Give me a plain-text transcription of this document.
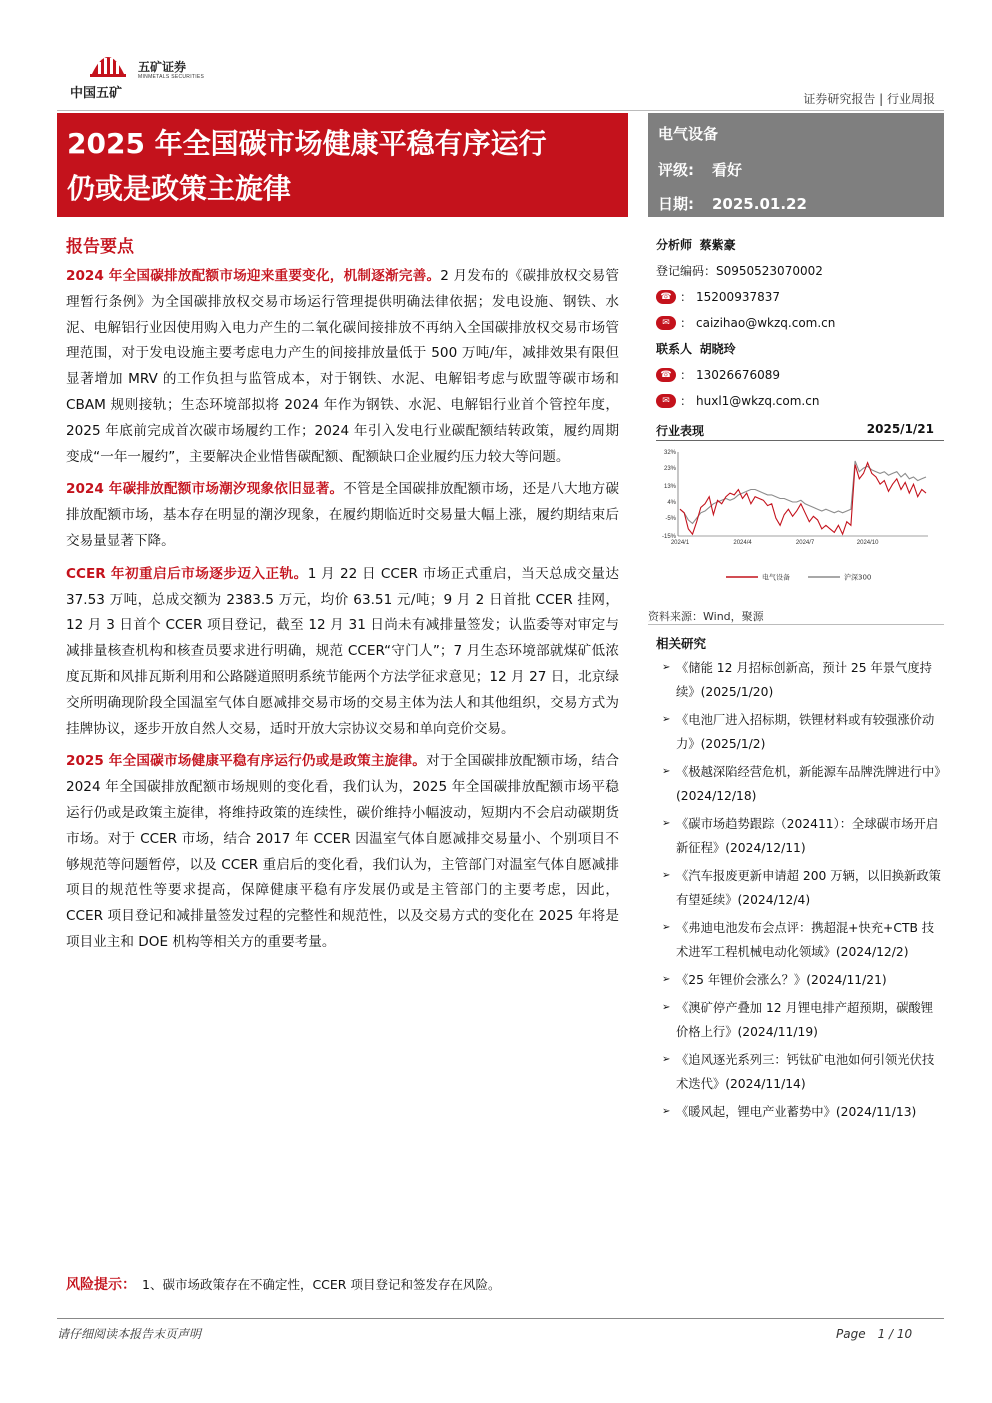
中国五矿
五矿证券
MINMETALS SECURITIES
证券研究报告 | 行业周报
2025 年全国碳市场健康平稳有序运行
仍或是政策主旋律
电气设备
评级: 看好
日期: 2025.01.22
报告要点

2024 年全国碳排放配额市场迎来重要变化，机制逐渐完善。2 月发布的《碳排放权交易管理暂行条例》为全国碳排放权交易市场运行管理提供明确法律依据；发电设施、钢铁、水泥、电解铝行业因使用购入电力产生的二氧化碳间接排放不再纳入全国碳排放权交易市场管理范围，对于发电设施主要考虑电力产生的间接排放量低于 500 万吨/年，减排效果有限但显著增加 MRV 的工作负担与监管成本，对于钢铁、水泥、电解铝考虑与欧盟等碳市场和 CBAM 规则接轨；生态环境部拟将 2024 年作为钢铁、水泥、电解铝行业首个管控年度，2025 年底前完成首次碳市场履约工作；2024 年引入发电行业碳配额结转政策，履约周期变成“一年一履约”，主要解决企业惜售碳配额、配额缺口企业履约压力较大等问题。

2024 年碳排放配额市场潮汐现象依旧显著。不管是全国碳排放配额市场，还是八大地方碳排放配额市场，基本存在明显的潮汐现象，在履约期临近时交易量大幅上涨，履约期结束后交易量显著下降。

CCER 年初重启后市场逐步迈入正轨。1 月 22 日 CCER 市场正式重启，当天总成交量达 37.53 万吨，总成交额为 2383.5 万元，均价 63.51 元/吨；9 月 2 日首批 CCER 挂网，12 月 3 日首个 CCER 项目登记，截至 12 月 31 日尚未有减排量签发；认监委等对审定与减排量核查机构和核查员要求进行明确，规范 CCER“守门人”；7 月生态环境部就煤矿低浓度瓦斯和风排瓦斯利用和公路隧道照明系统节能两个方法学征求意见；12 月 27 日，北京绿交所明确现阶段全国温室气体自愿减排交易市场的交易主体为法人和其他组织，交易方式为挂牌协议，逐步开放自然人交易，适时开放大宗协议交易和单向竞价交易。

2025 年全国碳市场健康平稳有序运行仍或是政策主旋律。对于全国碳排放配额市场，结合 2024 年全国碳排放配额市场规则的变化看，我们认为，2025 年全国碳排放配额市场平稳运行仍或是政策主旋律，将维持政策的连续性，碳价维持小幅波动，短期内不会启动碳期货市场。对于 CCER 市场，结合 2017 年 CCER 因温室气体自愿减排交易量小、个别项目不够规范等问题暂停，以及 CCER 重启后的变化看，我们认为，主管部门对温室气体自愿减排项目的规范性等要求提高，保障健康平稳有序发展仍或是主管部门的主要考虑，因此，CCER 项目登记和减排量签发过程的完整性和规范性，以及交易方式的变化在 2025 年将是项目业主和 DOE 机构等相关方的重要考量。

分析师
蔡紫豪
登记编码：S0950523070002
☎ ： 15200937837
✉ ： caizihao@wkzq.com.cn
联系人
胡晓玲
☎ ： 13026676089
✉ ： huxl1@wkzq.com.cn
行业表现	2025/1/21
32%
23%
13%
4%
-5%
-15%
2024/1	2024/4	2024/7	2024/10
电气设备	沪深300
资料来源：Wind，聚源
相关研究
➢ 《储能 12 月招标创新高，预计 25 年景气度持续》(2025/1/20)
➢ 《电池厂进入招标期，铁锂材料或有较强涨价动力》(2025/1/2)
➢ 《极越深陷经营危机，新能源车品牌洗牌进行中》(2024/12/18)
➢ 《碳市场趋势跟踪（202411）：全球碳市场开启新征程》(2024/12/11)
➢ 《汽车报废更新申请超 200 万辆，以旧换新政策有望延续》(2024/12/4)
➢ 《弗迪电池发布会点评：携超混+快充+CTB 技术进军工程机械电动化领域》(2024/12/2)
➢ 《25 年锂价会涨么？》(2024/11/21)
➢ 《澳矿停产叠加 12 月锂电排产超预期，碳酸锂价格上行》(2024/11/19)
➢ 《追风逐光系列三：钙钛矿电池如何引领光伏技术迭代》(2024/11/14)
➢ 《暖风起，锂电产业蓄势中》(2024/11/13)
风险提示： 1、碳市场政策存在不确定性，CCER 项目登记和签发存在风险。
请仔细阅读本报告末页声明	Page　1 / 10
